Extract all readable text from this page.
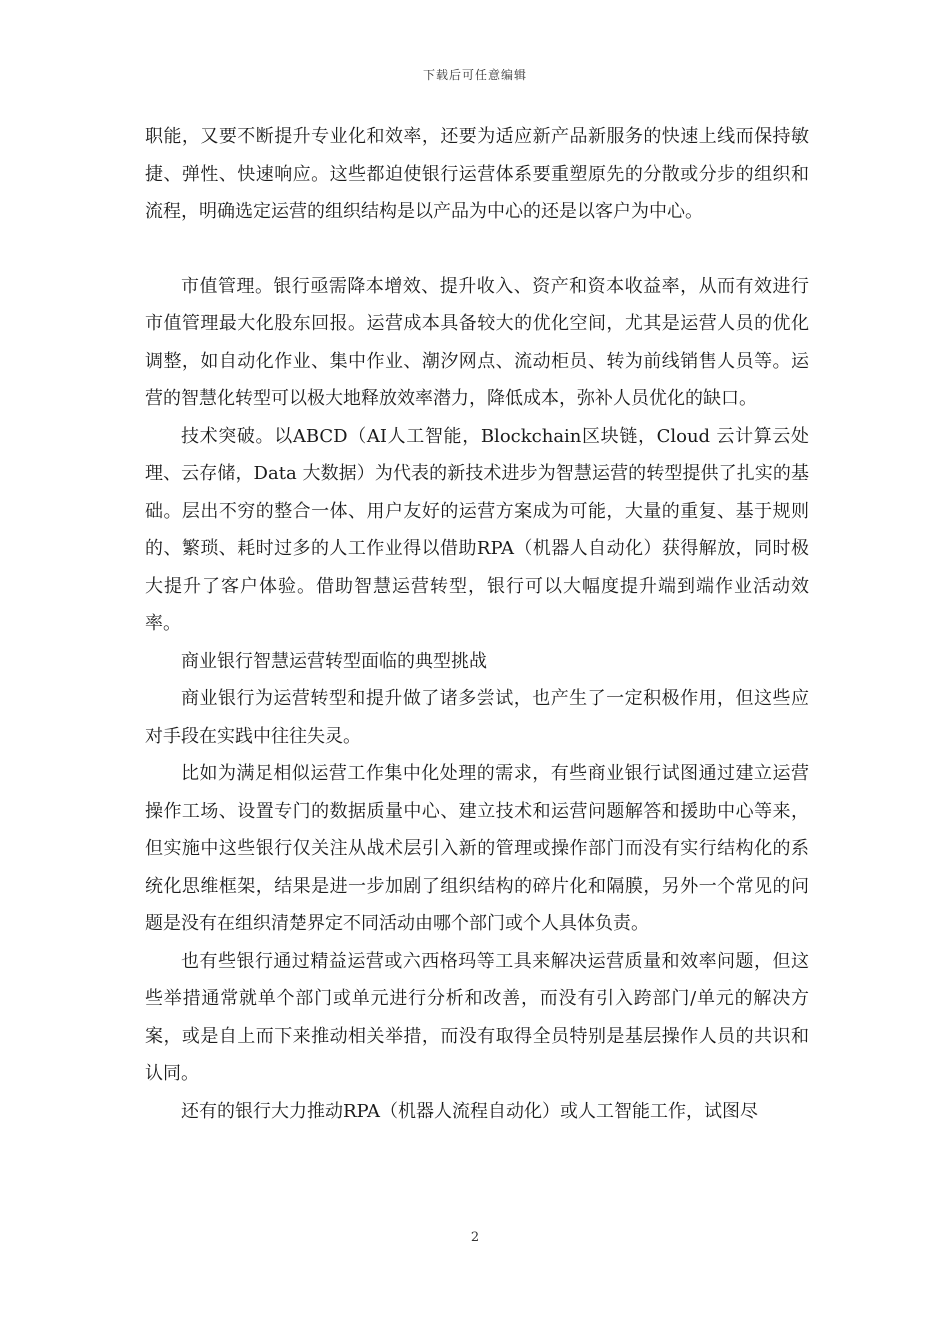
下载后可任意编辑

职能，又要不断提升专业化和效率，还要为适应新产品新服务的快速上线而保持敏捷、弹性、快速响应。这些都迫使银行运营体系要重塑原先的分散或分步的组织和流程，明确选定运营的组织结构是以产品为中心的还是以客户为中心。

市值管理。银行亟需降本增效、提升收入、资产和资本收益率，从而有效进行市值管理最大化股东回报。运营成本具备较大的优化空间，尤其是运营人员的优化调整，如自动化作业、集中作业、潮汐网点、流动柜员、转为前线销售人员等。运营的智慧化转型可以极大地释放效率潜力，降低成本，弥补人员优化的缺口。

技术突破。以ABCD（AI人工智能，Blockchain区块链，Cloud 云计算云处理、云存储，Data 大数据）为代表的新技术进步为智慧运营的转型提供了扎实的基础。层出不穷的整合一体、用户友好的运营方案成为可能，大量的重复、基于规则的、繁琐、耗时过多的人工作业得以借助RPA（机器人自动化）获得解放，同时极大提升了客户体验。借助智慧运营转型，银行可以大幅度提升端到端作业活动效率。

商业银行智慧运营转型面临的典型挑战

商业银行为运营转型和提升做了诸多尝试，也产生了一定积极作用，但这些应对手段在实践中往往失灵。

比如为满足相似运营工作集中化处理的需求，有些商业银行试图通过建立运营操作工场、设置专门的数据质量中心、建立技术和运营问题解答和援助中心等来，但实施中这些银行仅关注从战术层引入新的管理或操作部门而没有实行结构化的系统化思维框架，结果是进一步加剧了组织结构的碎片化和隔膜，另外一个常见的问题是没有在组织清楚界定不同活动由哪个部门或个人具体负责。

也有些银行通过精益运营或六西格玛等工具来解决运营质量和效率问题，但这些举措通常就单个部门或单元进行分析和改善，而没有引入跨部门/单元的解决方案，或是自上而下来推动相关举措，而没有取得全员特别是基层操作人员的共识和认同。

还有的银行大力推动RPA（机器人流程自动化）或人工智能工作，试图尽

2
